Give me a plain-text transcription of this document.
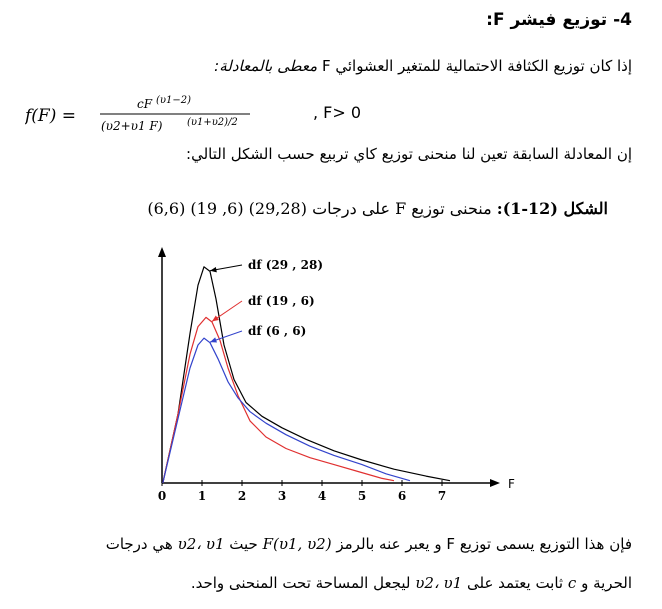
4- توزيع فيشر F:
إذا كان توزيع الكثافة الاحتمالية للمتغير العشوائي F معطى بالمعادلة:
f(F) =
cF (υ1−2)
(υ2+υ1 F) (υ1+υ2)/2
, F> 0
إن المعادلة السابقة تعين لنا منحنى توزيع كاي تربيع حسب الشكل التالي:
الشكل (12-1): منحنى توزيع F على درجات (6,6) (19 ,6) (29,28)
F
0	1	2	3	4	5	6	7
df (29 , 28)
df (19 , 6)
df (6 , 6)
فإن هذا التوزيع يسمى توزيع F و يعبر عنه بالرمز F(υ1, υ2) حيث υ2، υ1 هي درجات
الحرية و c ثابت يعتمد على υ2، υ1 ليجعل المساحة تحت المنحنى واحد.
